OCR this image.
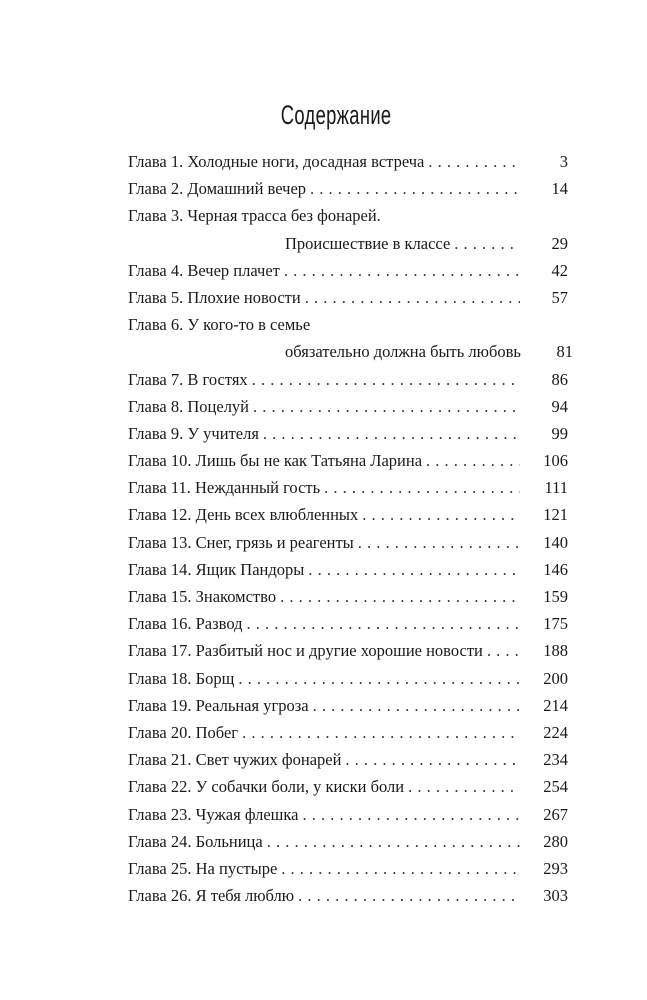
Содержание
Глава 1. Холодные ноги, досадная встреча . . .	3
Глава 2. Домашний вечер . . .	14
Глава 3. Черная трасса без фонарей.
Происшествие в классе . . .	29
Глава 4. Вечер плачет . . .	42
Глава 5. Плохие новости . . .	57
Глава 6. У кого-то в семье
обязательно должна быть любовь	81
Глава 7. В гостях . . .	86
Глава 8. Поцелуй . . .	94
Глава 9. У учителя . . .	99
Глава 10. Лишь бы не как Татьяна Ларина . . .	106
Глава 11. Нежданный гость . . .	111
Глава 12. День всех влюбленных . . .	121
Глава 13. Снег, грязь и реагенты . . .	140
Глава 14. Ящик Пандоры . . .	146
Глава 15. Знакомство . . .	159
Глава 16. Развод . . .	175
Глава 17. Разбитый нос и другие хорошие новости . . .	188
Глава 18. Борщ . . .	200
Глава 19. Реальная угроза . . .	214
Глава 20. Побег . . .	224
Глава 21. Свет чужих фонарей . . .	234
Глава 22. У собачки боли, у киски боли . . .	254
Глава 23. Чужая флешка . . .	267
Глава 24. Больница . . .	280
Глава 25. На пустыре . . .	293
Глава 26. Я тебя люблю . . .	303
